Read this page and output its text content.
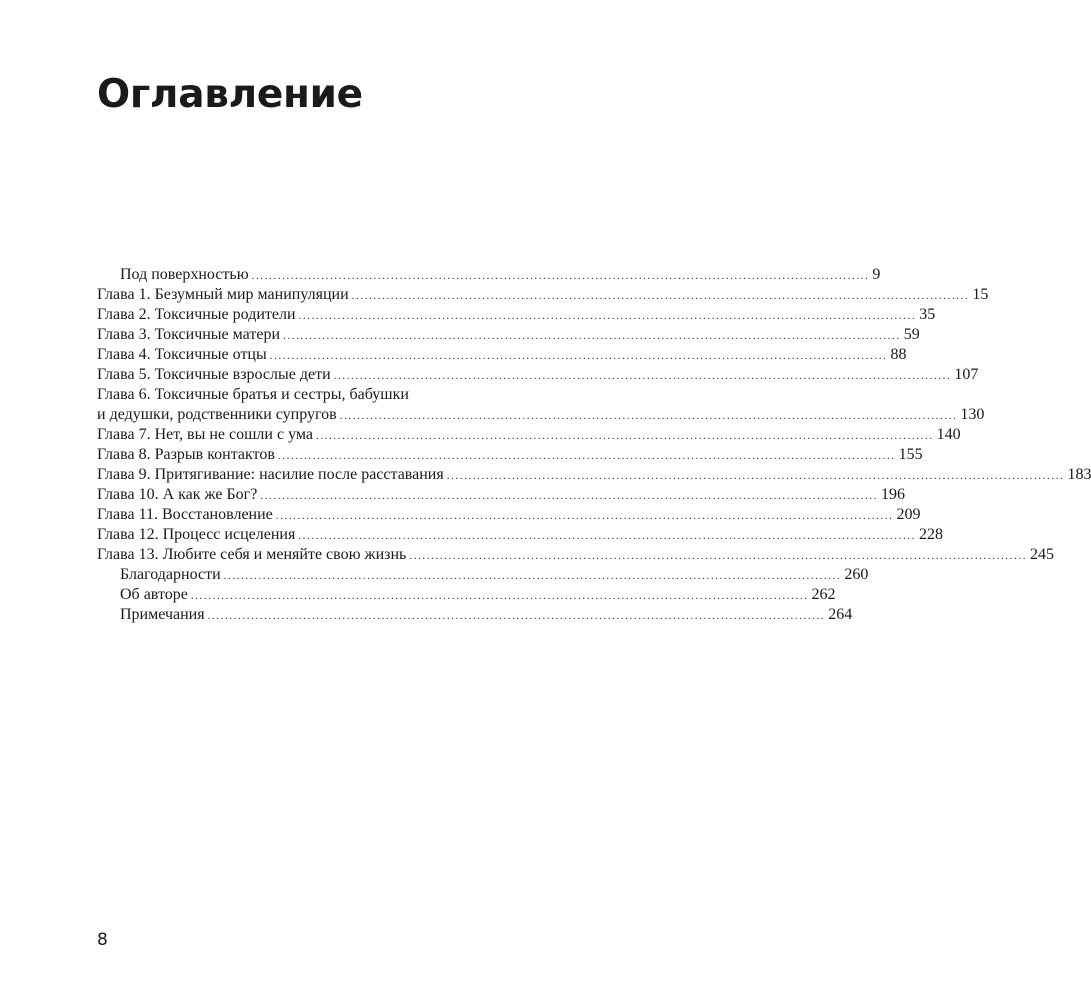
Оглавление
Под поверхностью .............................................................................................................................................. 9
Глава 1. Безумный мир манипуляции .............................................................................................................................................. 15
Глава 2. Токсичные родители .............................................................................................................................................. 35
Глава 3. Токсичные матери .............................................................................................................................................. 59
Глава 4. Токсичные отцы .............................................................................................................................................. 88
Глава 5. Токсичные взрослые дети .............................................................................................................................................. 107
Глава 6. Токсичные братья и сестры, бабушки
и дедушки, родственники супругов .............................................................................................................................................. 130
Глава 7. Нет, вы не сошли с ума .............................................................................................................................................. 140
Глава 8. Разрыв контактов .............................................................................................................................................. 155
Глава 9. Притягивание: насилие после расставания .............................................................................................................................................. 183
Глава 10. А как же Бог? .............................................................................................................................................. 196
Глава 11. Восстановление .............................................................................................................................................. 209
Глава 12. Процесс исцеления .............................................................................................................................................. 228
Глава 13. Любите себя и меняйте свою жизнь .............................................................................................................................................. 245
Благодарности .............................................................................................................................................. 260
Об авторе .............................................................................................................................................. 262
Примечания .............................................................................................................................................. 264
8
